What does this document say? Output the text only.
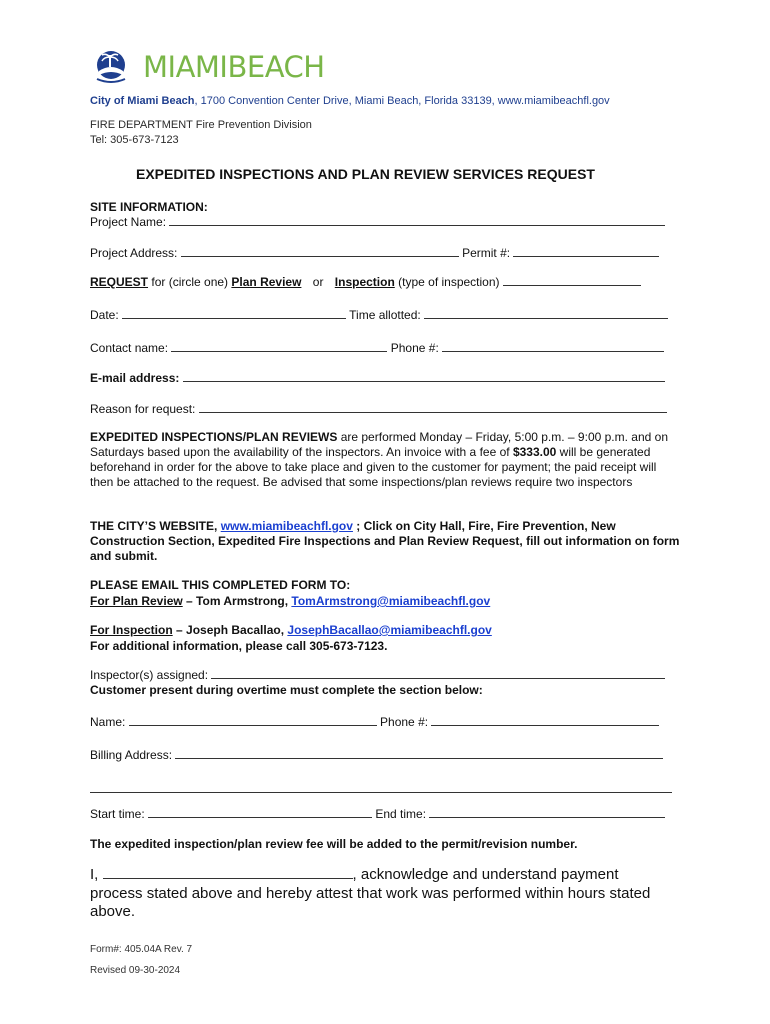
MIAMIBEACH
City of Miami Beach, 1700 Convention Center Drive, Miami Beach, Florida 33139, www.miamibeachfl.gov
FIRE DEPARTMENT Fire Prevention Division
Tel: 305-673-7123
EXPEDITED INSPECTIONS AND PLAN REVIEW SERVICES REQUEST
SITE INFORMATION:
Project Name:
Project Address:	Permit #:
REQUEST for (circle one) Plan Review or Inspection (type of inspection)
Date:	Time allotted:
Contact name:	Phone #:
E-mail address:
Reason for request:
EXPEDITED INSPECTIONS/PLAN REVIEWS are performed Monday – Friday, 5:00 p.m. – 9:00 p.m. and on Saturdays based upon the availability of the inspectors. An invoice with a fee of $333.00 will be generated beforehand in order for the above to take place and given to the customer for payment; the paid receipt will then be attached to the request. Be advised that some inspections/plan reviews require two inspectors
THE CITY’S WEBSITE, www.miamibeachfl.gov ; Click on City Hall, Fire, Fire Prevention, New Construction Section, Expedited Fire Inspections and Plan Review Request, fill out information on form and submit.
PLEASE EMAIL THIS COMPLETED FORM TO:
For Plan Review – Tom Armstrong, TomArmstrong@miamibeachfl.gov
For Inspection – Joseph Bacallao, JosephBacallao@miamibeachfl.gov
For additional information, please call 305-673-7123.
Inspector(s) assigned:
Customer present during overtime must complete the section below:
Name:	Phone #:
Billing Address:
Start time:	End time:
The expedited inspection/plan review fee will be added to the permit/revision number.
I,	, acknowledge and understand payment
process stated above and hereby attest that work was performed within hours stated
above.
Form#: 405.04A Rev. 7
Revised 09-30-2024
